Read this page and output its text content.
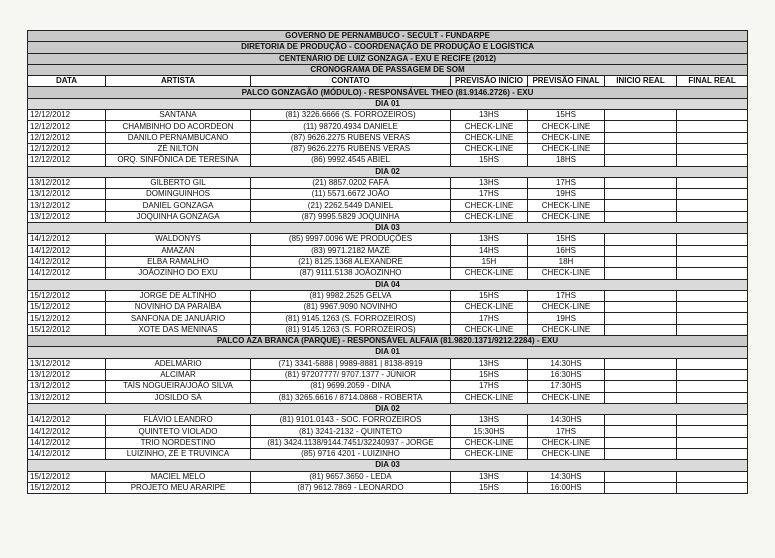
GOVERNO DE PERNAMBUCO - SECULT - FUNDARPE						
DIRETORIA DE PRODUÇÃO - COORDENAÇÃO DE PRODUÇÃO E LOGÍSTICA						
CENTENÁRIO DE LUIZ GONZAGA - EXU E RECIFE (2012)						
CRONOGRAMA DE PASSAGEM DE SOM						
DATA	ARTISTA	CONTATO	PREVISÃO INÍCIO	PREVISÃO FINAL	INICIO REAL	FINAL REAL
PALCO GONZAGÃO (MÓDULO) - RESPONSÁVEL THEO (81.9146.2726) - EXU						
DIA 01						
12/12/2012	SANTANA	(81) 3226.6666 (S. FORROZEIROS)	13HS	15HS		
12/12/2012	CHAMBINHO DO ACORDEON	(11) 98720.4934 DANIELE	CHECK-LINE	CHECK-LINE		
12/12/2012	DANILO PERNAMBUCANO	(87) 9626.2275 RUBENS VERAS	CHECK-LINE	CHECK-LINE		
12/12/2012	ZÉ NILTON	(87) 9626.2275 RUBENS VERAS	CHECK-LINE	CHECK-LINE		
12/12/2012	ORQ. SINFÔNICA DE TERESINA	(86) 9992.4545 ABIEL	15HS	18HS		
DIA 02						
13/12/2012	GILBERTO GIL	(21) 8857.0202 FAFÁ	13HS	17HS		
13/12/2012	DOMINGUINHOS	(11) 5571.6672 JOÃO	17HS	19HS		
13/12/2012	DANIEL GONZAGA	(21) 2262.5449 DANIEL	CHECK-LINE	CHECK-LINE		
13/12/2012	JOQUINHA GONZAGA	(87) 9995.5829 JOQUINHA	CHECK-LINE	CHECK-LINE		
DIA 03						
14/12/2012	WALDONYS	(85) 9997.0096 WE PRODUÇÕES	13HS	15HS		
14/12/2012	AMAZAN	(83) 9971.2182 MAZÉ	14HS	16HS		
14/12/2012	ELBA RAMALHO	(21) 8125.1368 ALEXANDRE	15H	18H		
14/12/2012	JOÃOZINHO DO EXU	(87) 9111.5138 JOÃOZINHO	CHECK-LINE	CHECK-LINE		
DIA 04						
15/12/2012	JORGE DE ALTINHO	(81) 9982.2525 GELVA	15HS	17HS		
15/12/2012	NOVINHO DA PARAÍBA	(81) 9967.9090 NOVINHO	CHECK-LINE	CHECK-LINE		
15/12/2012	SANFONA DE JANUÁRIO	(81) 9145.1263 (S. FORROZEIROS)	17HS	19HS		
15/12/2012	XOTE DAS MENINAS	(81) 9145.1263 (S. FORROZEIROS)	CHECK-LINE	CHECK-LINE		
PALCO AZA BRANCA (PARQUE) - RESPONSÁVEL ALFAIA (81.9820.1371/9212.2284) - EXU						
DIA 01						
13/12/2012	ADELMÁRIO	(71) 3341-5888 | 9989-8881 | 8138-8919	13HS	14:30HS		
13/12/2012	ALCIMAR	(81) 97207777/ 9707.1377 - JÚNIOR	15HS	16:30HS		
13/12/2012	TAÍS NOGUEIRA/JOÃO SILVA	(81) 9699.2059 - DINA	17HS	17:30HS		
13/12/2012	JOSILDO SÁ	(81) 3265.6616 / 8714.0868 - ROBERTA	CHECK-LINE	CHECK-LINE		
DIA 02						
14/12/2012	FLÁVIO LEANDRO	(81) 9101.0143 - SOC. FORROZEIROS	13HS	14:30HS		
14/12/2012	QUINTETO VIOLADO	(81) 3241-2132 - QUINTETO	15:30HS	17HS		
14/12/2012	TRIO NORDESTINO	(81) 3424.1138/9144.7451/32240937 - JORGE	CHECK-LINE	CHECK-LINE		
14/12/2012	LUIZINHO, ZÉ E TRUVINCA	(85) 9716 4201 - LUIZINHO	CHECK-LINE	CHECK-LINE		
DIA 03						
15/12/2012	MACIEL MELO	(81) 9657.3650 - LEDA	13HS	14:30HS		
15/12/2012	PROJETO MEU ARARIPE	(87) 9612.7869 - LEONARDO	15HS	16:00HS		
